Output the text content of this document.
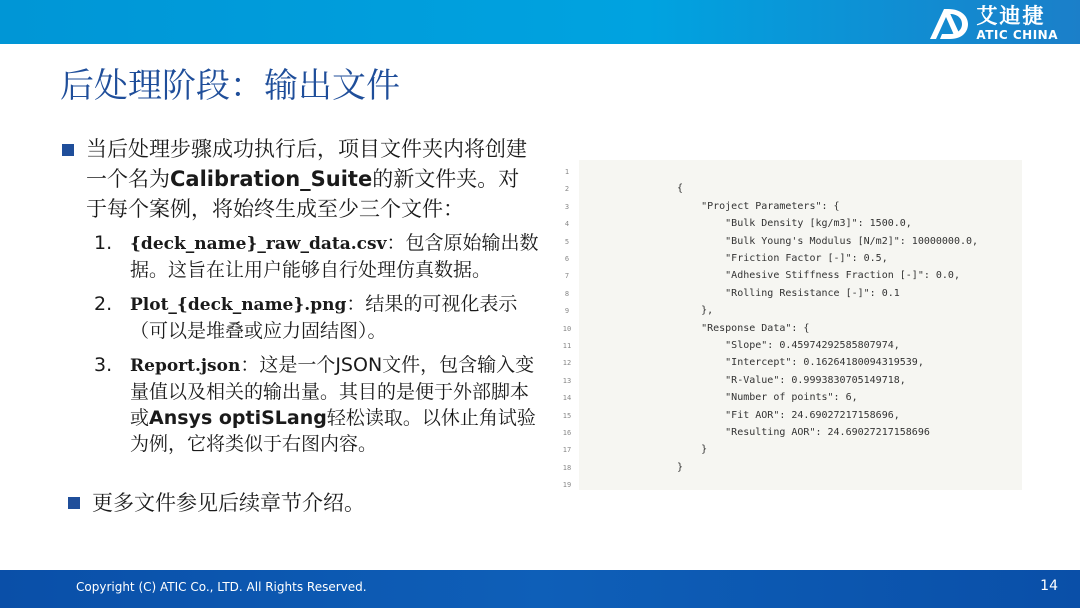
艾迪捷
ATIC CHINA
后处理阶段：输出文件
当后处理步骤成功执行后，项目文件夹内将创建一个名为Calibration_Suite的新文件夹。对于每个案例，将始终生成至少三个文件：
1.	{deck_name}_raw_data.csv：包含原始输出数据。这旨在让用户能够自行处理仿真数据。
2.	Plot_{deck_name}.png：结果的可视化表示（可以是堆叠或应力固结图）。
3.	Report.json：这是一个JSON文件，包含输入变量值以及相关的输出量。其目的是便于外部脚本或Ansys optiSLang轻松读取。以休止角试验为例，它将类似于右图内容。
更多文件参见后续章节介绍。
1
2
3
4
5
6
7
8
9
10
11
12
13
14
15
16
17
18
19
{
"Project Parameters": {
"Bulk Density [kg/m3]": 1500.0,
"Bulk Young's Modulus [N/m2]": 10000000.0,
"Friction Factor [-]": 0.5,
"Adhesive Stiffness Fraction [-]": 0.0,
"Rolling Resistance [-]": 0.1
},
"Response Data": {
"Slope": 0.45974292585807974,
"Intercept": 0.16264180094319539,
"R-Value": 0.9993830705149718,
"Number of points": 6,
"Fit AOR": 24.69027217158696,
"Resulting AOR": 24.69027217158696
}
}
Copyright (C) ATIC Co., LTD. All Rights Reserved.	14
